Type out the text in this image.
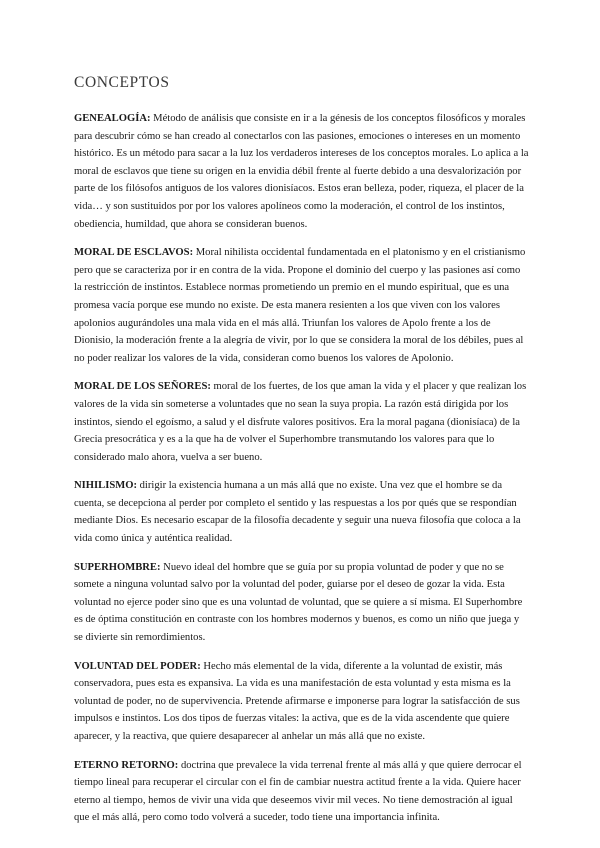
CONCEPTOS

GENEALOGÍA: Método de análisis que consiste en ir a la génesis de los conceptos filosóficos y morales para descubrir cómo se han creado al conectarlos con las pasiones, emociones o intereses en un momento histórico. Es un método para sacar a la luz los verdaderos intereses de los conceptos morales. Lo aplica a la moral de esclavos que tiene su origen en la envidia débil frente al fuerte debido a una desvalorización por parte de los filósofos antiguos de los valores dionisíacos. Estos eran belleza, poder, riqueza, el placer de la vida… y son sustituidos por por los valores apolíneos como la moderación, el control de los instintos, obediencia, humildad, que ahora se consideran buenos.

MORAL DE ESCLAVOS: Moral nihilista occidental fundamentada en el platonismo y en el cristianismo pero que se caracteriza por ir en contra de la vida. Propone el dominio del cuerpo y las pasiones así como la restricción de instintos. Establece normas prometiendo un premio en el mundo espiritual, que es una promesa vacía porque ese mundo no existe. De esta manera resienten a los que viven con los valores apolonios augurándoles una mala vida en el más allá. Triunfan los valores de Apolo frente a los de Dionisio, la moderación frente a la alegría de vivir, por lo que se considera la moral de los débiles, pues al no poder realizar los valores de la vida, consideran como buenos los valores de Apolonio.

MORAL DE LOS SEÑORES: moral de los fuertes, de los que aman la vida y el placer y que realizan los valores de la vida sin someterse a voluntades que no sean la suya propia. La razón está dirigida por los instintos, siendo el egoísmo, a salud y el disfrute valores positivos. Era la moral pagana (dionisíaca) de la Grecia presocrática y es a la que ha de volver el Superhombre transmutando los valores para que lo considerado malo ahora, vuelva a ser bueno.

NIHILISMO: dirigir la existencia humana a un más allá que no existe. Una vez que el hombre se da cuenta, se decepciona al perder por completo el sentido y las respuestas a los por qués que se respondían mediante Dios. Es necesario escapar de la filosofía decadente y seguir una nueva filosofía que coloca a la vida como única y auténtica realidad.

SUPERHOMBRE: Nuevo ideal del hombre que se guía por su propia voluntad de poder y que no se somete a ninguna voluntad salvo por la voluntad del poder, guiarse por el deseo de gozar la vida. Esta voluntad no ejerce poder sino que es una voluntad de voluntad, que se quiere a sí misma. El Superhombre es de óptima constitución en contraste con los hombres modernos y buenos, es como un niño que juega y se divierte sin remordimientos.

VOLUNTAD DEL PODER: Hecho más elemental de la vida, diferente a la voluntad de existir, más conservadora, pues esta es expansiva. La vida es una manifestación de esta voluntad y esta misma es la voluntad de poder, no de supervivencia. Pretende afirmarse e imponerse para lograr la satisfacción de sus impulsos e instintos. Los dos tipos de fuerzas vitales: la activa, que es de la vida ascendente que quiere aparecer, y la reactiva, que quiere desaparecer al anhelar un más allá que no existe.

ETERNO RETORNO: doctrina que prevalece la vida terrenal frente al más allá y que quiere derrocar el tiempo lineal para recuperar el circular con el fin de cambiar nuestra actitud frente a la vida. Quiere hacer eterno al tiempo, hemos de vivir una vida que deseemos vivir mil veces. No tiene demostración al igual que el más allá, pero como todo volverá a suceder, todo tiene una importancia infinita.
